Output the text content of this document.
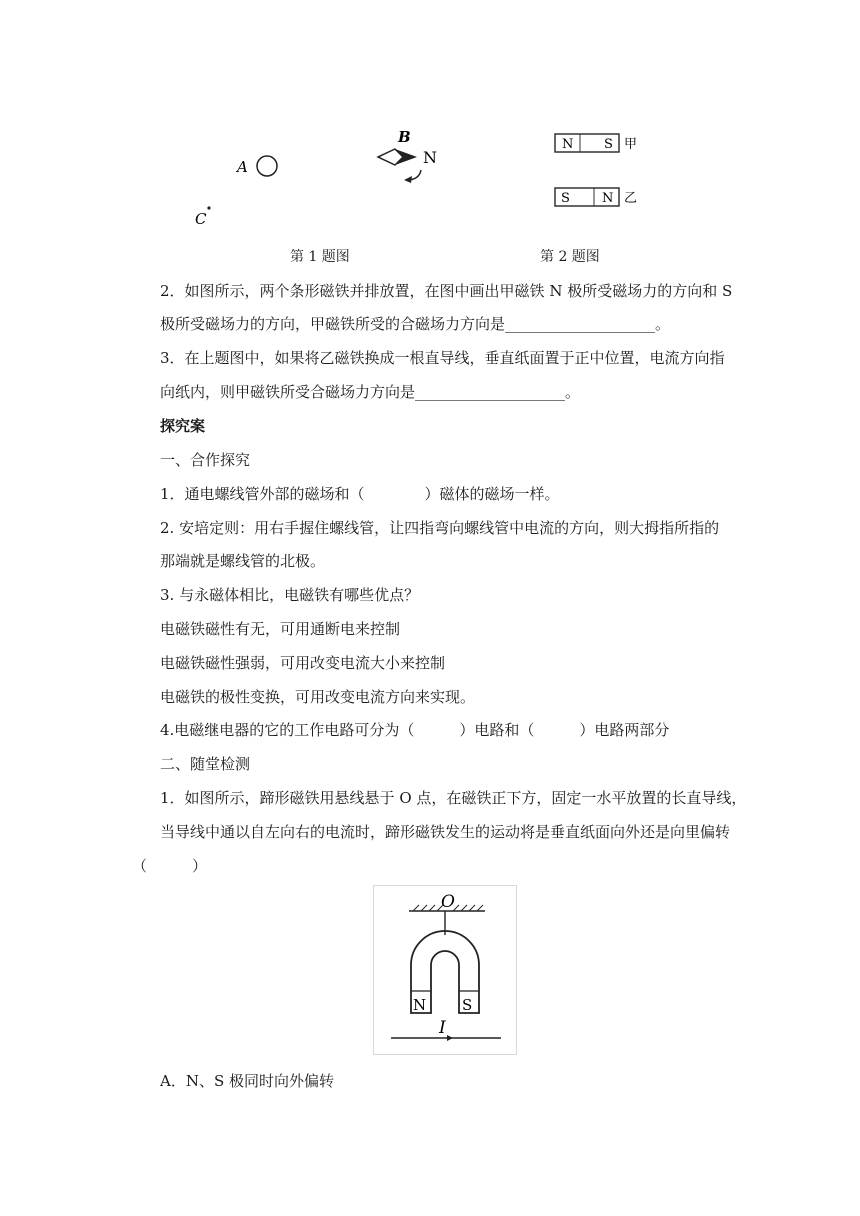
A
C
B
N
N S 甲
S N 乙
第 1 题图	第 2 题图
2．如图所示，两个条形磁铁并排放置，在图中画出甲磁铁 N 极所受磁场力的方向和 S
极所受磁场力的方向，甲磁铁所受的合磁场力方向是____________________。
3．在上题图中，如果将乙磁铁换成一根直导线，垂直纸面置于正中位置，电流方向指
向纸内，则甲磁铁所受合磁场力方向是____________________。
探究案
一、合作探究
1．通电螺线管外部的磁场和（　　　　）磁体的磁场一样。
2. 安培定则：用右手握住螺线管，让四指弯向螺线管中电流的方向，则大拇指所指的
那端就是螺线管的北极。
3. 与永磁体相比，电磁铁有哪些优点？
电磁铁磁性有无，可用通断电来控制
电磁铁磁性强弱，可用改变电流大小来控制
电磁铁的极性变换，可用改变电流方向来实现。
4.电磁继电器的它的工作电路可分为（　　　）电路和（　　　）电路两部分
二、随堂检测
1．如图所示，蹄形磁铁用悬线悬于 O 点，在磁铁正下方，固定一水平放置的长直导线，
当导线中通以自左向右的电流时，蹄形磁铁发生的运动将是垂直纸面向外还是向里偏转
（　　　）
O
N S
I
A．N、S 极同时向外偏转
